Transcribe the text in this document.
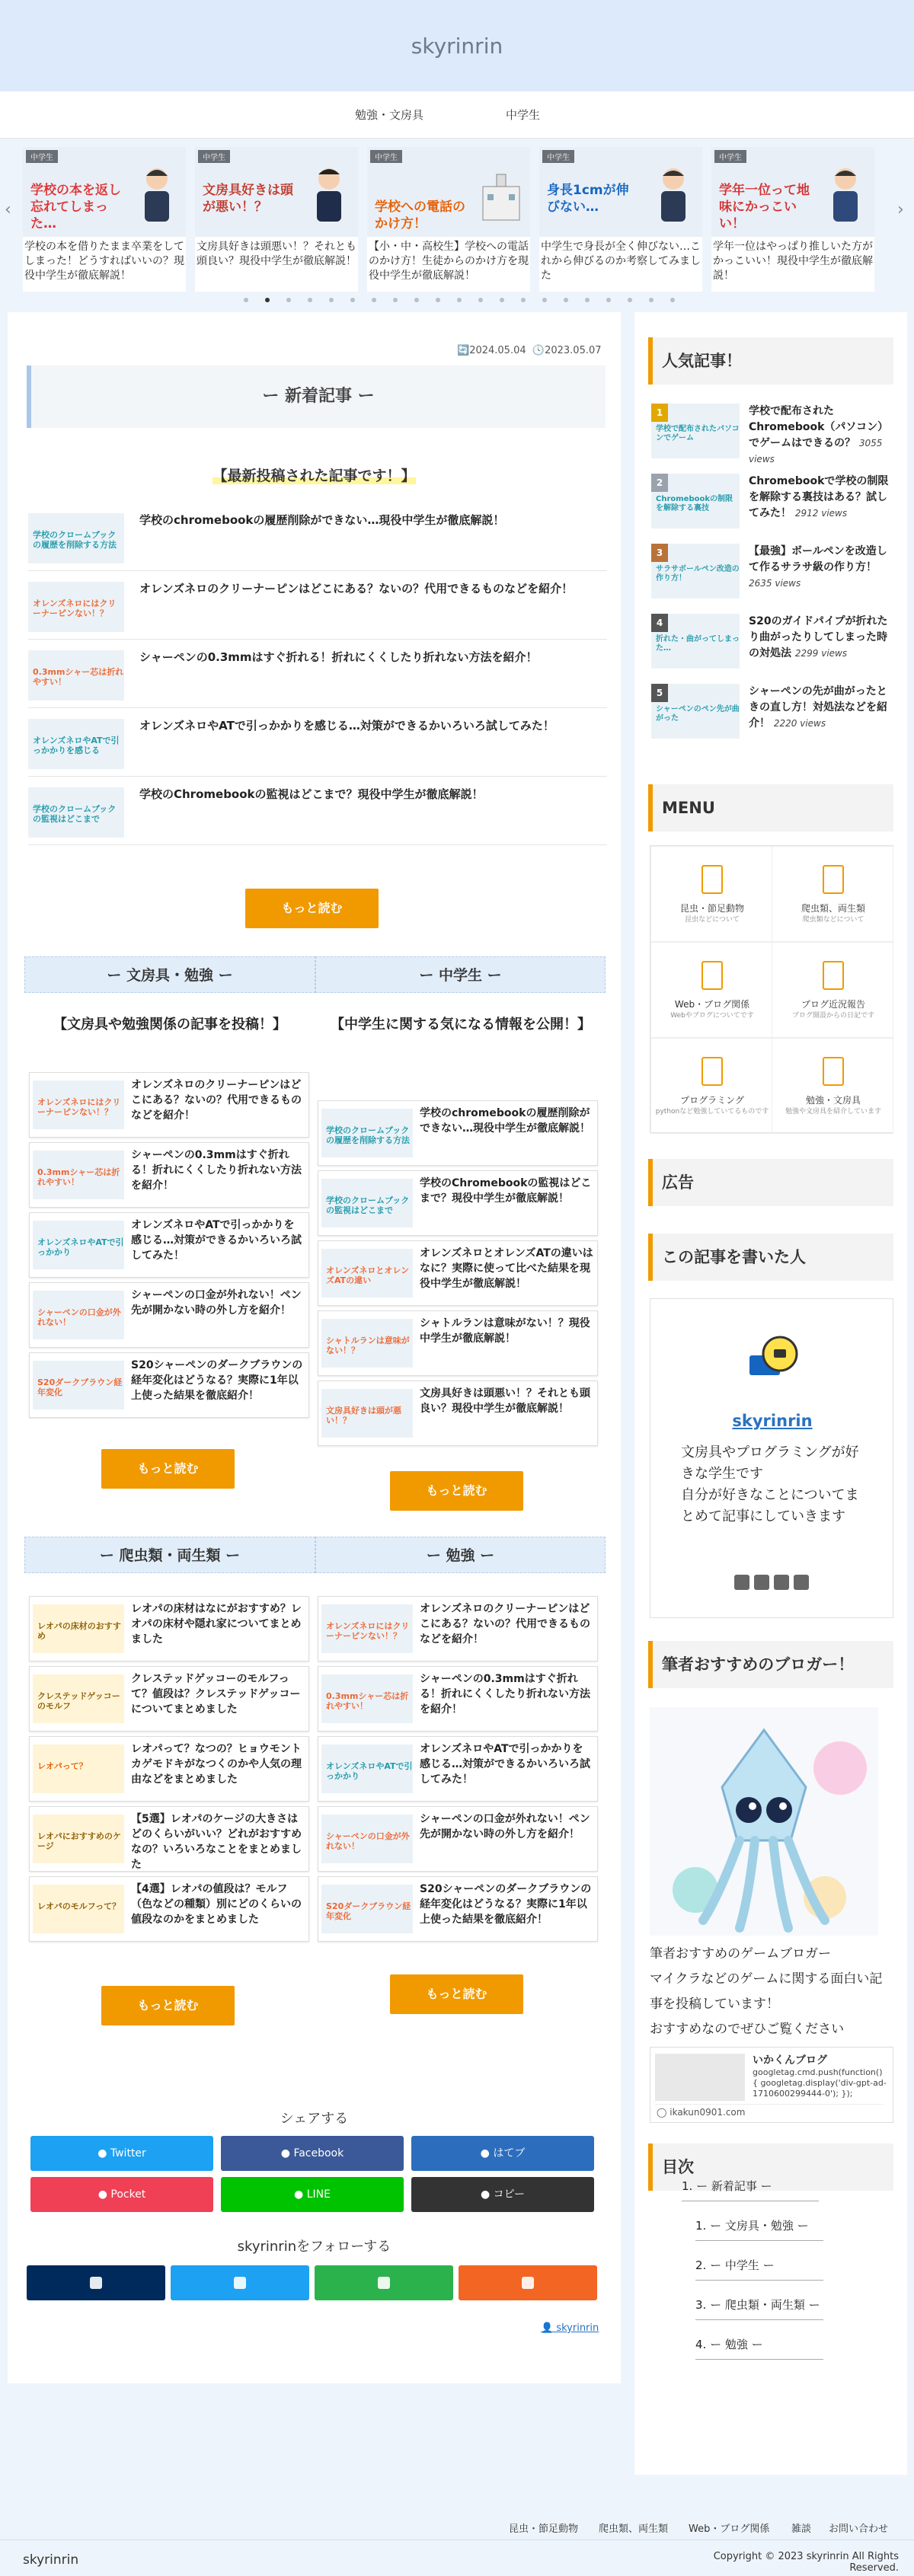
skyrinrin
勉強・文房具	中学生
‹
中学生
学校の本を返し忘れてしまった…
学校の本を借りたまま卒業をしてしまった！どうすればいいの？現役中学生が徹底解説！
中学生
文房具好きは頭が悪い！？
文房具好きは頭悪い！？それとも頭良い？現役中学生が徹底解説！
中学生
学校への電話のかけ方！
【小・中・高校生】学校への電話のかけ方！生徒からのかけ方を現役中学生が徹底解説！
中学生
身長1cmが伸びない…
中学生で身長が全く伸びない…これから伸びるのか考察してみました
中学生
学年一位って地味にかっこいい！
学年一位はやっぱり推しいた方がかっこいい！現役中学生が徹底解説！
›
🔄2024.05.04 🕓2023.05.07
ー 新着記事 ー
【最新投稿された記事です！】
学校のクロームブックの履歴を削除する方法
学校のchromebookの履歴削除ができない…現役中学生が徹底解説！
オレンズネロにはクリーナーピンない！？
オレンズネロのクリーナーピンはどこにある？ないの？代用できるものなどを紹介！
0.3mmシャー芯は折れやすい！
シャーペンの0.3mmはすぐ折れる！折れにくくしたり折れない方法を紹介！
オレンズネロやATで引っかかりを感じる
オレンズネロやATで引っかかりを感じる…対策ができるかいろいろ試してみた！
学校のクロームブックの監視はどこまで
学校のChromebookの監視はどこまで？現役中学生が徹底解説！
もっと読む
ー 文房具・勉強 ー	ー 中学生 ー
【文房具や勉強関係の記事を投稿！】	【中学生に関する気になる情報を公開！】
オレンズネロにはクリーナーピンない！？
オレンズネロのクリーナーピンはどこにある？ないの？代用できるものなどを紹介！
0.3mmシャー芯は折れやすい！
シャーペンの0.3mmはすぐ折れる！折れにくくしたり折れない方法を紹介！
オレンズネロやATで引っかかり
オレンズネロやATで引っかかりを感じる…対策ができるかいろいろ試してみた！
シャーペンの口金が外れない！
シャーペンの口金が外れない！ペン先が開かない時の外し方を紹介！
S20ダークブラウン経年変化
S20シャーペンのダークブラウンの経年変化はどうなる？実際に1年以上使った結果を徹底紹介！
もっと読む
学校のクロームブックの履歴を削除する方法
学校のchromebookの履歴削除ができない…現役中学生が徹底解説！
学校のクロームブックの監視はどこまで
学校のChromebookの監視はどこまで？現役中学生が徹底解説！
オレンズネロとオレンズATの違い
オレンズネロとオレンズATの違いはなに？実際に使って比べた結果を現役中学生が徹底解説！
シャトルランは意味がない！？
シャトルランは意味がない！？現役中学生が徹底解説！
文房具好きは頭が悪い！？
文房具好きは頭悪い！？それとも頭良い？現役中学生が徹底解説！
もっと読む
ー 爬虫類・両生類 ー	ー 勉強 ー
レオパの床材のおすすめ
レオパの床材はなにがおすすめ？レオパの床材や隠れ家についてまとめました
クレステッドゲッコーのモルフ
クレステッドゲッコーのモルフって？値段は？クレステッドゲッコーについてまとめました
レオパって？
レオパって？なつの？ヒョウモントカゲモドキがなつくのかや人気の理由などをまとめました
レオパにおすすめのケージ
【5選】レオパのケージの大きさはどのくらいがいい？どれがおすすめなの？いろいろなことをまとめました
レオパのモルフって？
【4選】レオパの値段は？モルフ（色などの種類）別にどのくらいの値段なのかをまとめました
もっと読む
オレンズネロにはクリーナーピンない！？
オレンズネロのクリーナーピンはどこにある？ないの？代用できるものなどを紹介！
0.3mmシャー芯は折れやすい！
シャーペンの0.3mmはすぐ折れる！折れにくくしたり折れない方法を紹介！
オレンズネロやATで引っかかり
オレンズネロやATで引っかかりを感じる…対策ができるかいろいろ試してみた！
シャーペンの口金が外れない！
シャーペンの口金が外れない！ペン先が開かない時の外し方を紹介！
S20ダークブラウン経年変化
S20シャーペンのダークブラウンの経年変化はどうなる？実際に1年以上使った結果を徹底紹介！
もっと読む
シェアする
● Twitter	● Facebook	● はてブ
● Pocket	● LINE	● コピー
skyrinrinをフォローする
👤 skyrinrin
人気記事！
1
学校で配布されたパソコンでゲーム
学校で配布されたChromebook（パソコン）でゲームはできるの？ 3055 views
2
Chromebookの制限を解除する裏技
Chromebookで学校の制限を解除する裏技はある？試してみた！ 2912 views
3
サラサボールペン改造の作り方！
【最強】ボールペンを改造して作るサラサ級の作り方！ 2635 views
4
折れた・曲がってしまった…
S20のガイドパイプが折れたり曲がったりしてしまった時の対処法 2299 views
5
シャーペンのペン先が曲がった
シャーペンの先が曲がったときの直し方！対処法などを紹介！ 2220 views
MENU
昆虫・節足動物
昆虫などについて
爬虫類、両生類
爬虫類などについて
Web・ブログ関係
Webやブログについてです
ブログ近況報告
ブログ開設からの日記です
プログラミング
pythonなど勉強していてるものです
勉強・文房具
勉強や文房具を紹介しています
広告
この記事を書いた人
skyrinrin
文房具やプログラミングが好きな学生です
自分が好きなことについてまとめて記事にしていきます
筆者おすすめのブロガー！
筆者おすすめのゲームブロガー
マイクラなどのゲームに関する面白い記事を投稿しています！
おすすめなのでぜひご覧ください
いかくんブログ
googletag.cmd.push(function() { googletag.display('div-gpt-ad-1710600299444-0'); });
◯ ikakun0901.com
目次
1. ー 新着記事 ー
1. ー 文房具・勉強 ー
2. ー 中学生 ー
3. ー 爬虫類・両生類 ー
4. ー 勉強 ー
昆虫・節足動物 爬虫類、両生類 Web・ブログ関係 雑談 お問い合わせ
skyrinrin	Copyright © 2023 skyrinrin All Rights Reserved.
